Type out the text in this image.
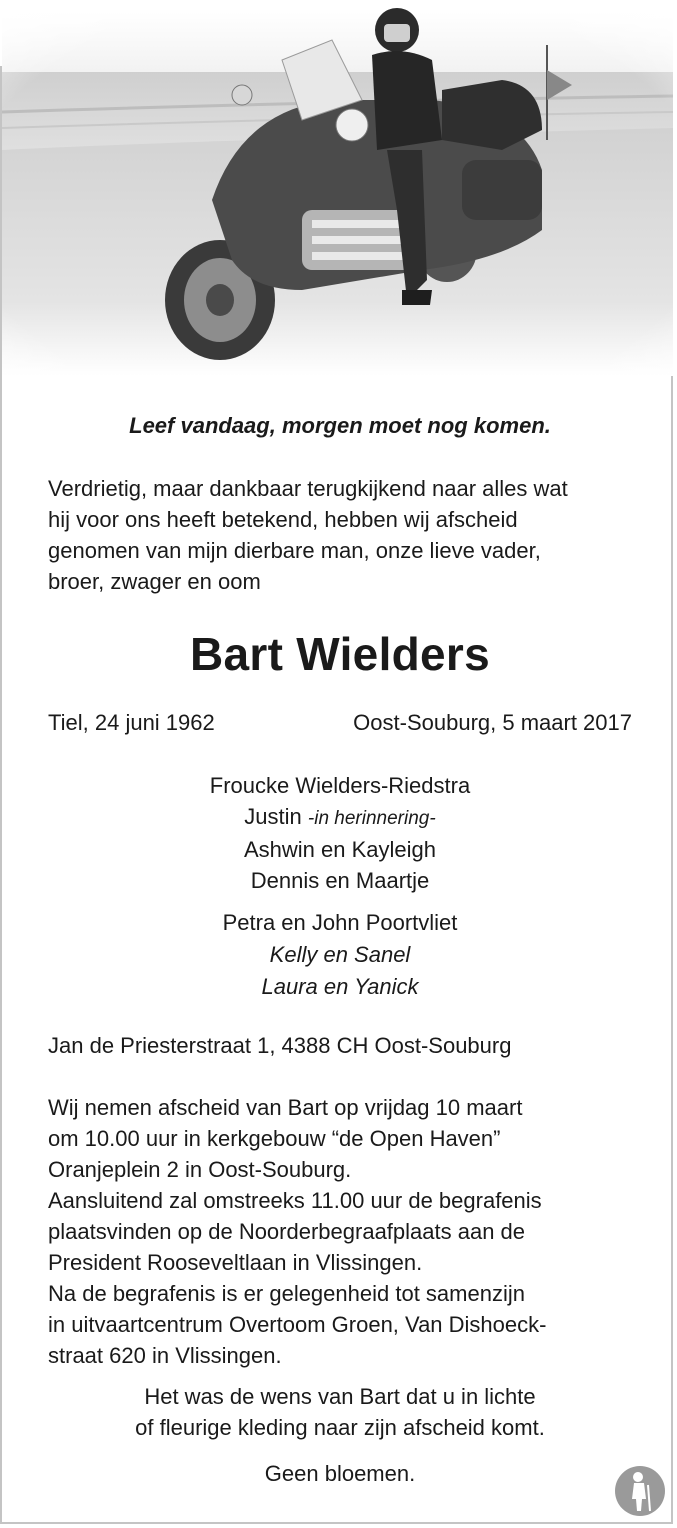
Leef vandaag, morgen moet nog komen.
Verdrietig, maar dankbaar terugkijkend naar alles wat
hij voor ons heeft betekend, hebben wij afscheid
genomen van mijn dierbare man, onze lieve vader,
broer, zwager en oom
Bart Wielders
Tiel, 24 juni 1962	Oost-Souburg, 5 maart 2017
Froucke Wielders-Riedstra
Justin -in herinnering-
Ashwin en Kayleigh
Dennis en Maartje
Petra en John Poortvliet
Kelly en Sanel
Laura en Yanick
Jan de Priesterstraat 1, 4388 CH Oost-Souburg
Wij nemen afscheid van Bart op vrijdag 10 maart
om 10.00 uur in kerkgebouw “de Open Haven”
Oranjeplein 2 in Oost-Souburg.
Aansluitend zal omstreeks 11.00 uur de begrafenis
plaatsvinden op de Noorderbegraafplaats aan de
President Rooseveltlaan in Vlissingen.
Na de begrafenis is er gelegenheid tot samenzijn
in uitvaartcentrum Overtoom Groen, Van Dishoeck-
straat 620 in Vlissingen.
Het was de wens van Bart dat u in lichte
of fleurige kleding naar zijn afscheid komt.
Geen bloemen.
